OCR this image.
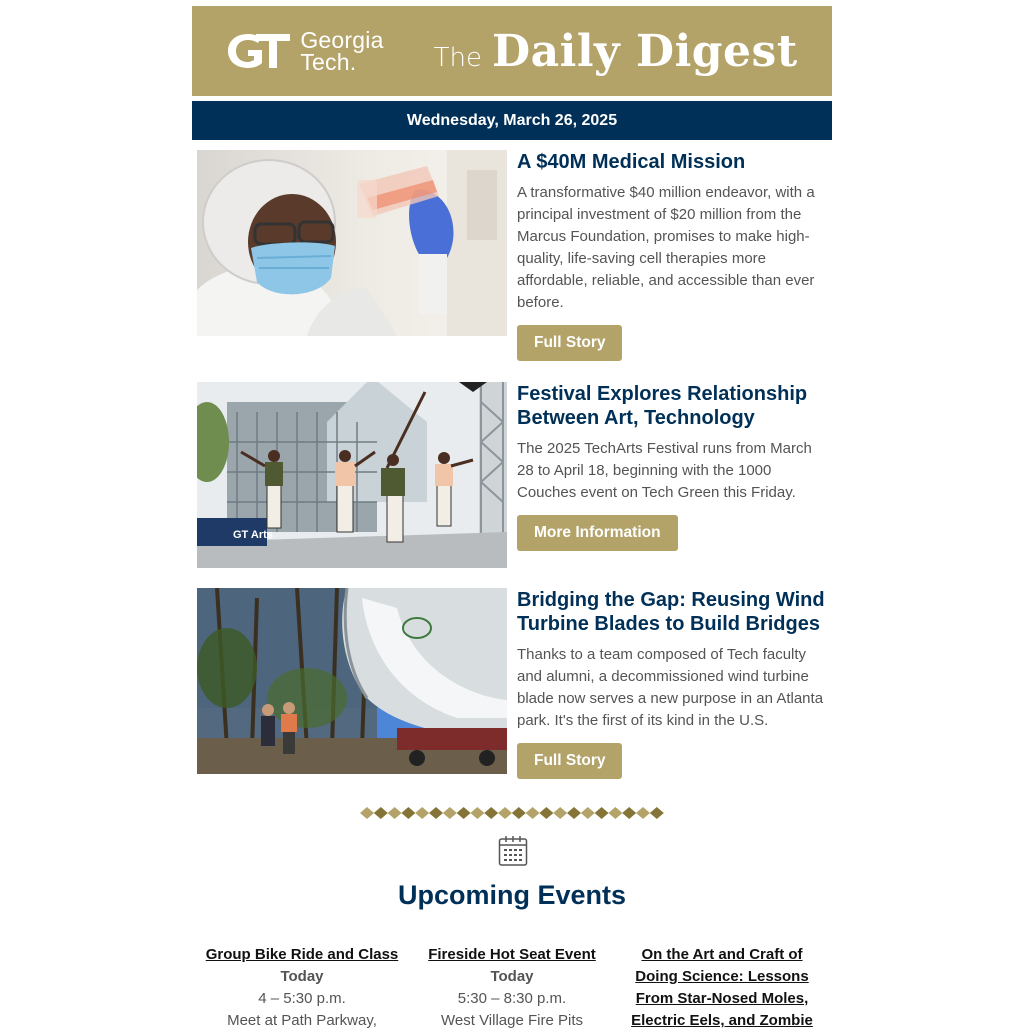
Georgia
Tech.	The Daily Digest
Wednesday, March 26, 2025
A $40M Medical Mission

A transformative $40 million endeavor, with a principal investment of $20 million from the Marcus Foundation, promises to make high-quality, life-saving cell therapies more affordable, reliable, and accessible than ever before.

Full Story
GT Arts
Festival Explores Relationship Between Art, Technology

The 2025 TechArts Festival runs from March 28 to April 18, beginning with the 1000 Couches event on Tech Green this Friday.

More Information
Bridging the Gap: Reusing Wind Turbine Blades to Build Bridges

Thanks to a team composed of Tech faculty and alumni, a decommissioned wind turbine blade now serves a new purpose in an Atlanta park. It's the first of its kind in the U.S.

Full Story
Upcoming Events
Group Bike Ride and Class
Today
4 – 5:30 p.m.
Meet at Path Parkway,
Fireside Hot Seat Event
Today
5:30 – 8:30 p.m.
West Village Fire Pits
On the Art and Craft of Doing Science: Lessons From Star-Nosed Moles, Electric Eels, and Zombie
